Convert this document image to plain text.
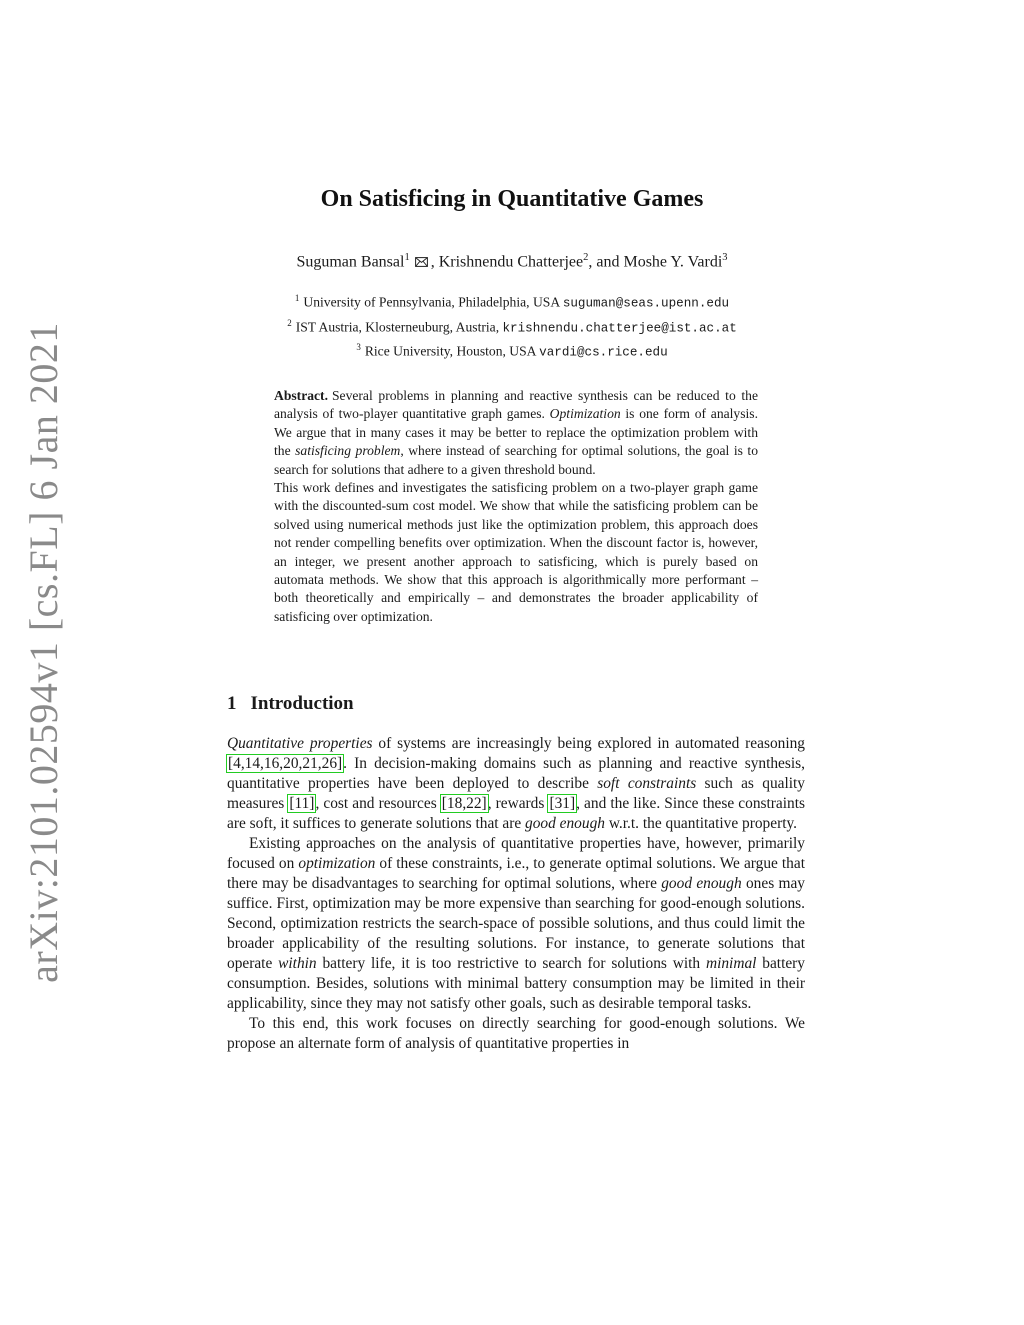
arXiv:2101.02594v1 [cs.FL] 6 Jan 2021
On Satisficing in Quantitative Games
Suguman Bansal$^1$ , Krishnendu Chatterjee$^2$, and Moshe Y. Vardi$^3$
$^1$ University of Pennsylvania, Philadelphia, USA suguman@seas.upenn.edu
$^2$ IST Austria, Klosterneuburg, Austria, krishnendu.chatterjee@ist.ac.at
$^3$ Rice University, Houston, USA vardi@cs.rice.edu

Abstract. Several problems in planning and reactive synthesis can be reduced to the analysis of two-player quantitative graph games. Optimization is one form of analysis. We argue that in many cases it may be better to replace the optimization problem with the satisficing problem, where instead of searching for optimal solutions, the goal is to search for solutions that adhere to a given threshold bound.

This work defines and investigates the satisficing problem on a two-player graph game with the discounted-sum cost model. We show that while the satisficing problem can be solved using numerical methods just like the optimization problem, this approach does not render compelling benefits over optimization. When the discount factor is, however, an integer, we present another approach to satisficing, which is purely based on automata methods. We show that this approach is algorithmically more performant – both theoretically and empirically – and demonstrates the broader applicability of satisficing over optimization.

1 Introduction

Quantitative properties of systems are increasingly being explored in automated reasoning [4,14,16,20,21,26]. In decision-making domains such as planning and reactive synthesis, quantitative properties have been deployed to describe soft constraints such as quality measures [11], cost and resources [18,22], rewards [31], and the like. Since these constraints are soft, it suffices to generate solutions that are good enough w.r.t. the quantitative property.

Existing approaches on the analysis of quantitative properties have, however, primarily focused on optimization of these constraints, i.e., to generate optimal solutions. We argue that there may be disadvantages to searching for optimal solutions, where good enough ones may suffice. First, optimization may be more expensive than searching for good-enough solutions. Second, optimization restricts the search-space of possible solutions, and thus could limit the broader applicability of the resulting solutions. For instance, to generate solutions that operate within battery life, it is too restrictive to search for solutions with minimal battery consumption. Besides, solutions with minimal battery consumption may be limited in their applicability, since they may not satisfy other goals, such as desirable temporal tasks.

To this end, this work focuses on directly searching for good-enough solutions. We propose an alternate form of analysis of quantitative properties in
